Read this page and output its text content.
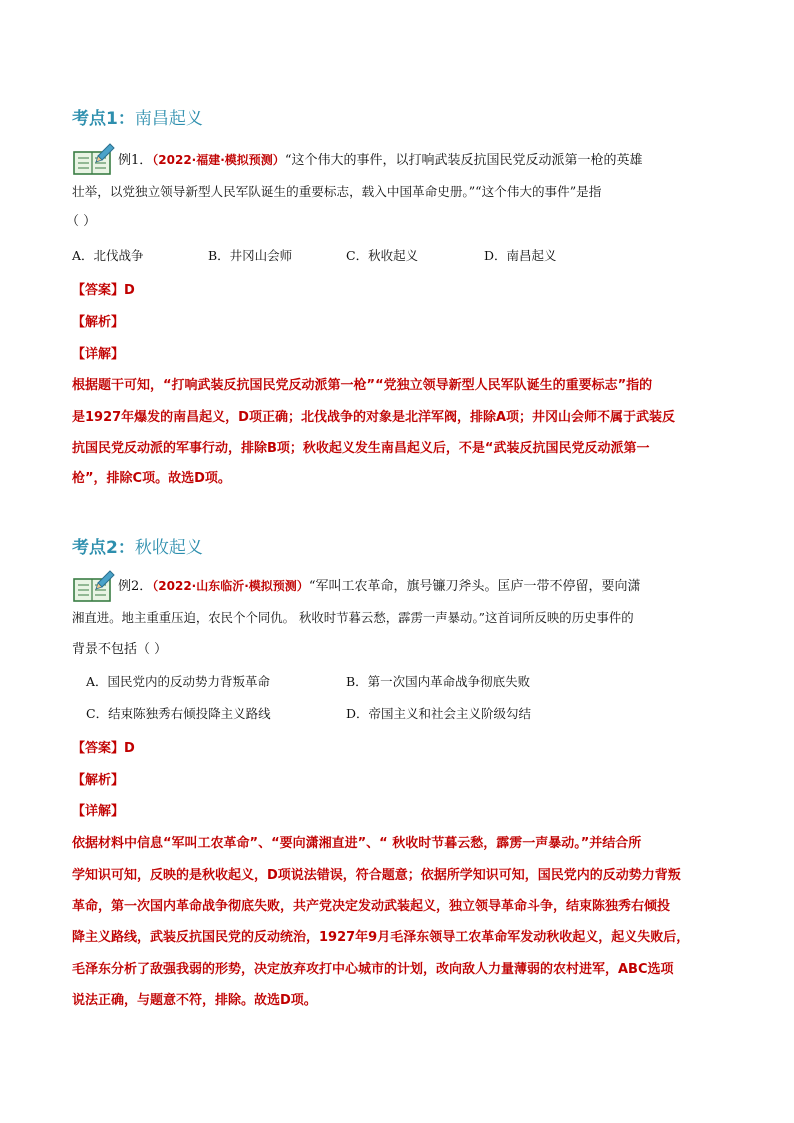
考点1：南昌起义
例1．（2022·福建·模拟预测）“这个伟大的事件，以打响武装反抗国民党反动派第一枪的英雄
壮举，以党独立领导新型人民军队诞生的重要标志，载入中国革命史册。”“这个伟大的事件”是指
（ ）
A．北伐战争	B．井冈山会师	C．秋收起义	D．南昌起义
【答案】D
【解析】
【详解】
根据题干可知，“打响武装反抗国民党反动派第一枪”“党独立领导新型人民军队诞生的重要标志”指的
是1927年爆发的南昌起义，D项正确；北伐战争的对象是北洋军阀，排除A项；井冈山会师不属于武装反
抗国民党反动派的军事行动，排除B项；秋收起义发生南昌起义后，不是“武装反抗国民党反动派第一
枪”，排除C项。故选D项。
考点2：秋收起义
例2．（2022·山东临沂·模拟预测）“军叫工农革命，旗号镰刀斧头。匡庐一带不停留，要向潇
湘直进。地主重重压迫，农民个个同仇。 秋收时节暮云愁，霹雳一声暴动。”这首词所反映的历史事件的
背景不包括（ ）
A．国民党内的反动势力背叛革命	B．第一次国内革命战争彻底失败
C．结束陈独秀右倾投降主义路线	D．帝国主义和社会主义阶级勾结
【答案】D
【解析】
【详解】
依据材料中信息“军叫工农革命”、“要向潇湘直进”、“ 秋收时节暮云愁，霹雳一声暴动。”并结合所
学知识可知，反映的是秋收起义，D项说法错误，符合题意；依据所学知识可知，国民党内的反动势力背叛
革命，第一次国内革命战争彻底失败，共产党决定发动武装起义，独立领导革命斗争，结束陈独秀右倾投
降主义路线，武装反抗国民党的反动统治，1927年9月毛泽东领导工农革命军发动秋收起义，起义失败后，
毛泽东分析了敌强我弱的形势，决定放弃攻打中心城市的计划，改向敌人力量薄弱的农村进军，ABC选项
说法正确，与题意不符，排除。故选D项。
